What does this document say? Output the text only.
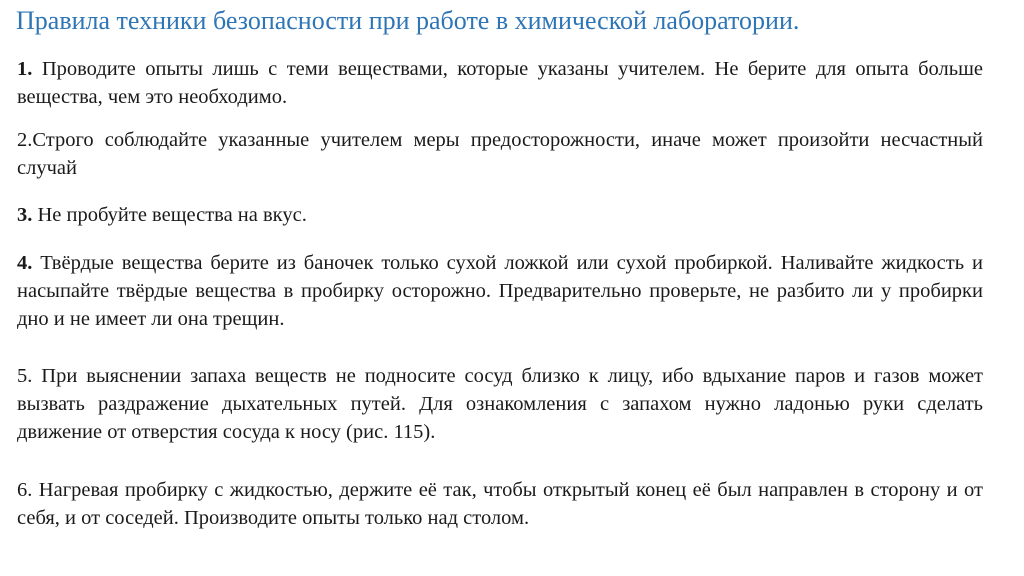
Правила техники безопасности при работе в химической лаборатории.
1. Проводите опыты лишь с теми веществами, которые указаны учителем. Не берите для опыта больше вещества, чем это необходимо.
2.Строго соблюдайте указанные учителем меры предосторожности, иначе может произойти несчастный случай
3. Не пробуйте вещества на вкус.
4. Твёрдые вещества берите из баночек только сухой ложкой или сухой пробиркой. Наливайте жидкость и насыпайте твёрдые вещества в пробирку осторожно. Предварительно проверьте, не разбито ли у пробирки дно и не имеет ли она трещин.
5. При выяснении запаха веществ не подносите сосуд близко к лицу, ибо вдыхание паров и газов может вызвать раздражение дыхательных путей. Для ознакомления с запахом нужно ладонью руки сделать движение от отверстия сосуда к носу (рис. 115).
6. Нагревая пробирку с жидкостью, держите её так, чтобы открытый конец её был направлен в сторону и от себя, и от соседей. Производите опыты только над столом.
